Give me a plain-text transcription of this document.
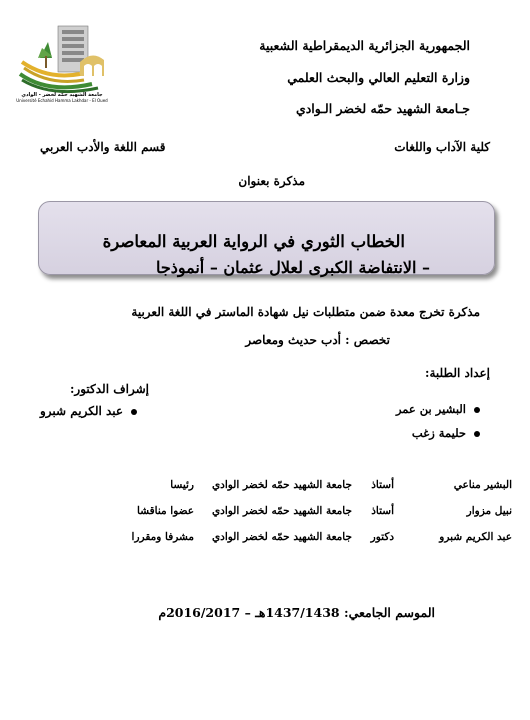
جامعة الشهيد حمّه لخضر - الوادي
Université Echahid Hamma Lakhdar - El Oued
الجمهورية الجزائرية الديمقراطية الشعبية
وزارة التعليم العالي والبحث العلمي
جـامعة الشهيد حمّه لخضر الـوادي
كلية الآداب واللغات
قسم اللغة والأدب العربي
مذكرة بعنوان
الخطاب الثوري في الرواية العربية المعاصرة
– الانتفاضة الكبرى لعلال عثمان – أنموذجا
مذكرة تخرج معدة ضمن متطلبات نيل شهادة الماستر في اللغة العربية
تخصص : أدب حديث ومعاصر
إعداد الطلبة:
إشراف الدكتور:
البشير بن عمر
حليمة زغب
عبد الكريم شبرو
البشير مناعي
أستاذ
جامعة الشهيد حمّه لخضر الوادي
رئيسا
نبيل مزوار
أستاذ
جامعة الشهيد حمّه لخضر الوادي
عضوا مناقشا
عبد الكريم شبرو
دكتور
جامعة الشهيد حمّه لخضر الوادي
مشرفا ومقررا
الموسم الجامعي: 1437/1438هـ – 2016/2017م
